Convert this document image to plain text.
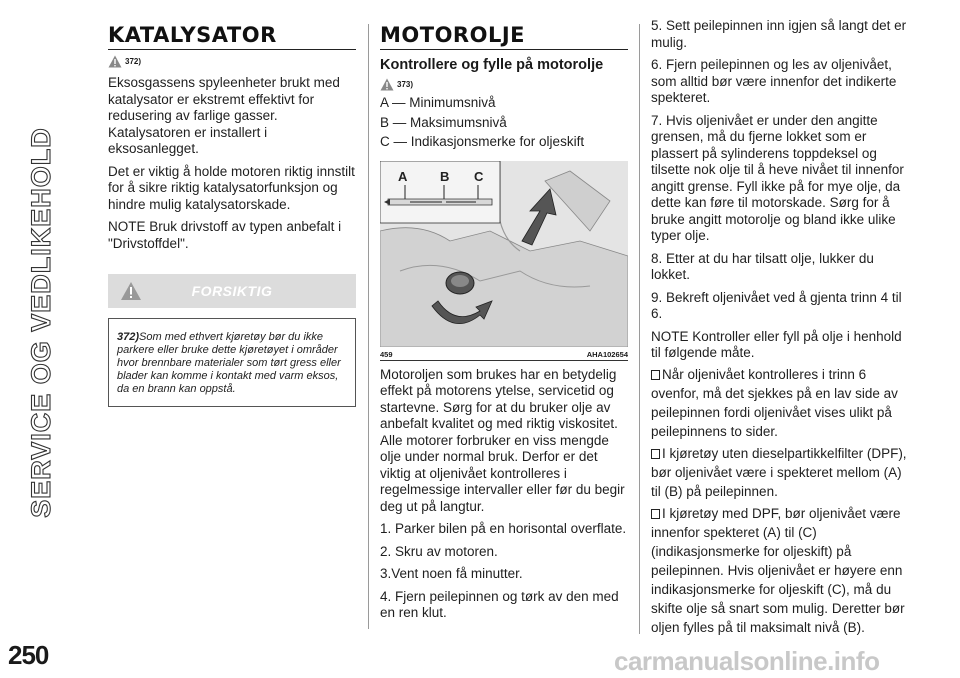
SERVICE OG VEDLIKEHOLD
KATALYSATOR
372)

Eksosgassens spyleenheter brukt med katalysator er ekstremt effektivt for redusering av farlige gasser. Katalysatoren er installert i eksosanlegget.

Det er viktig å holde motoren riktig innstilt for å sikre riktig katalysatorfunksjon og hindre mulig katalysatorskade.

NOTE Bruk drivstoff av typen anbefalt i "Drivstoffdel".

FORSIKTIG

372)Som med ethvert kjøretøy bør du ikke parkere eller bruke dette kjøretøyet i områder hvor brennbare materialer som tørt gress eller blader kan komme i kontakt med varm eksos, da en brann kan oppstå.

MOTOROLJE
Kontrollere og fylle på motorolje
373)

A — Minimumsnivå

B — Maksimumsnivå

C — Indikasjonsmerke for oljeskift

A	B C
459	AHA102654

Motoroljen som brukes har en betydelig effekt på motorens ytelse, servicetid og startevne. Sørg for at du bruker olje av anbefalt kvalitet og med riktig viskositet. Alle motorer forbruker en viss mengde olje under normal bruk. Derfor er det viktig at oljenivået kontrolleres i regelmessige intervaller eller før du begir deg ut på langtur.

1. Parker bilen på en horisontal overflate.

2. Skru av motoren.

3.Vent noen få minutter.

4. Fjern peilepinnen og tørk av den med en ren klut.

5. Sett peilepinnen inn igjen så langt det er mulig.

6. Fjern peilepinnen og les av oljenivået, som alltid bør være innenfor det indikerte spekteret.

7. Hvis oljenivået er under den angitte grensen, må du fjerne lokket som er plassert på sylinderens toppdeksel og tilsette nok olje til å heve nivået til innenfor angitt grense. Fyll ikke på for mye olje, da dette kan føre til motorskade. Sørg for å bruke angitt motorolje og bland ikke ulike typer olje.

8. Etter at du har tilsatt olje, lukker du lokket.

9. Bekreft oljenivået ved å gjenta trinn 4 til 6.

NOTE Kontroller eller fyll på olje i henhold til følgende måte.

Når oljenivået kontrolleres i trinn 6 ovenfor, må det sjekkes på en lav side av peilepinnen fordi oljenivået vises ulikt på peilepinnens to sider.

I kjøretøy uten dieselpartikkelfilter (DPF), bør oljenivået være i spekteret mellom (A) til (B) på peilepinnen.

I kjøretøy med DPF, bør oljenivået være innenfor spekteret (A) til (C) (indikasjonsmerke for oljeskift) på peilepinnen. Hvis oljenivået er høyere enn indikasjonsmerke for oljeskift (C), må du skifte olje så snart som mulig. Deretter bør oljen fylles på til maksimalt nivå (B).

250	carmanualsonline.info
